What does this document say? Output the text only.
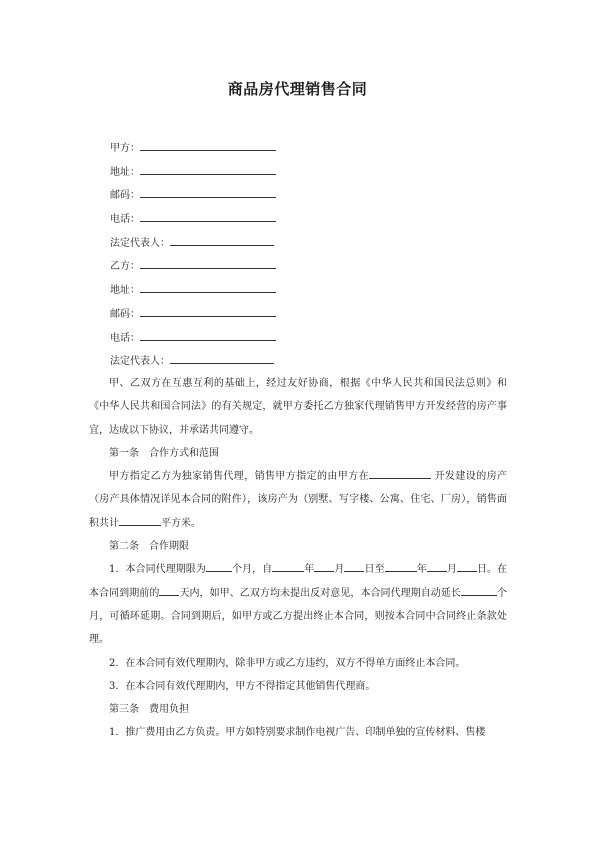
商品房代理销售合同
甲方：
地址：
邮码：
电话：
法定代表人：
乙方：
地址：
邮码：
电话：
法定代表人：

甲、乙双方在互惠互利的基础上，经过友好协商，根据《中华人民共和国民法总则》和《中华人民共和国合同法》的有关规定，就甲方委托乙方独家代理销售甲方开发经营的房产事宜，达成以下协议，并承诺共同遵守。

第一条　合作方式和范围

甲方指定乙方为独家销售代理，销售甲方指定的由甲方在	开发建设的房产（房产具体情况详见本合同的附件），该房产为（别墅、写字楼、公寓、住宅、厂房），销售面积共计	平方米。

第二条　合作期限

1．本合同代理期限为	个月，自	年 月 日至	年 月 日。在本合同到期前的 天内，如甲、乙双方均未提出反对意见，本合同代理期自动延长	个月，可循环延期。合同到期后，如甲方或乙方提出终止本合同，则按本合同中合同终止条款处理。

2．在本合同有效代理期内，除非甲方或乙方违约，双方不得单方面终止本合同。

3．在本合同有效代理期内，甲方不得指定其他销售代理商。

第三条　费用负担

1．推广费用由乙方负责。甲方如特别要求制作电视广告、印制单独的宣传材料、售楼
